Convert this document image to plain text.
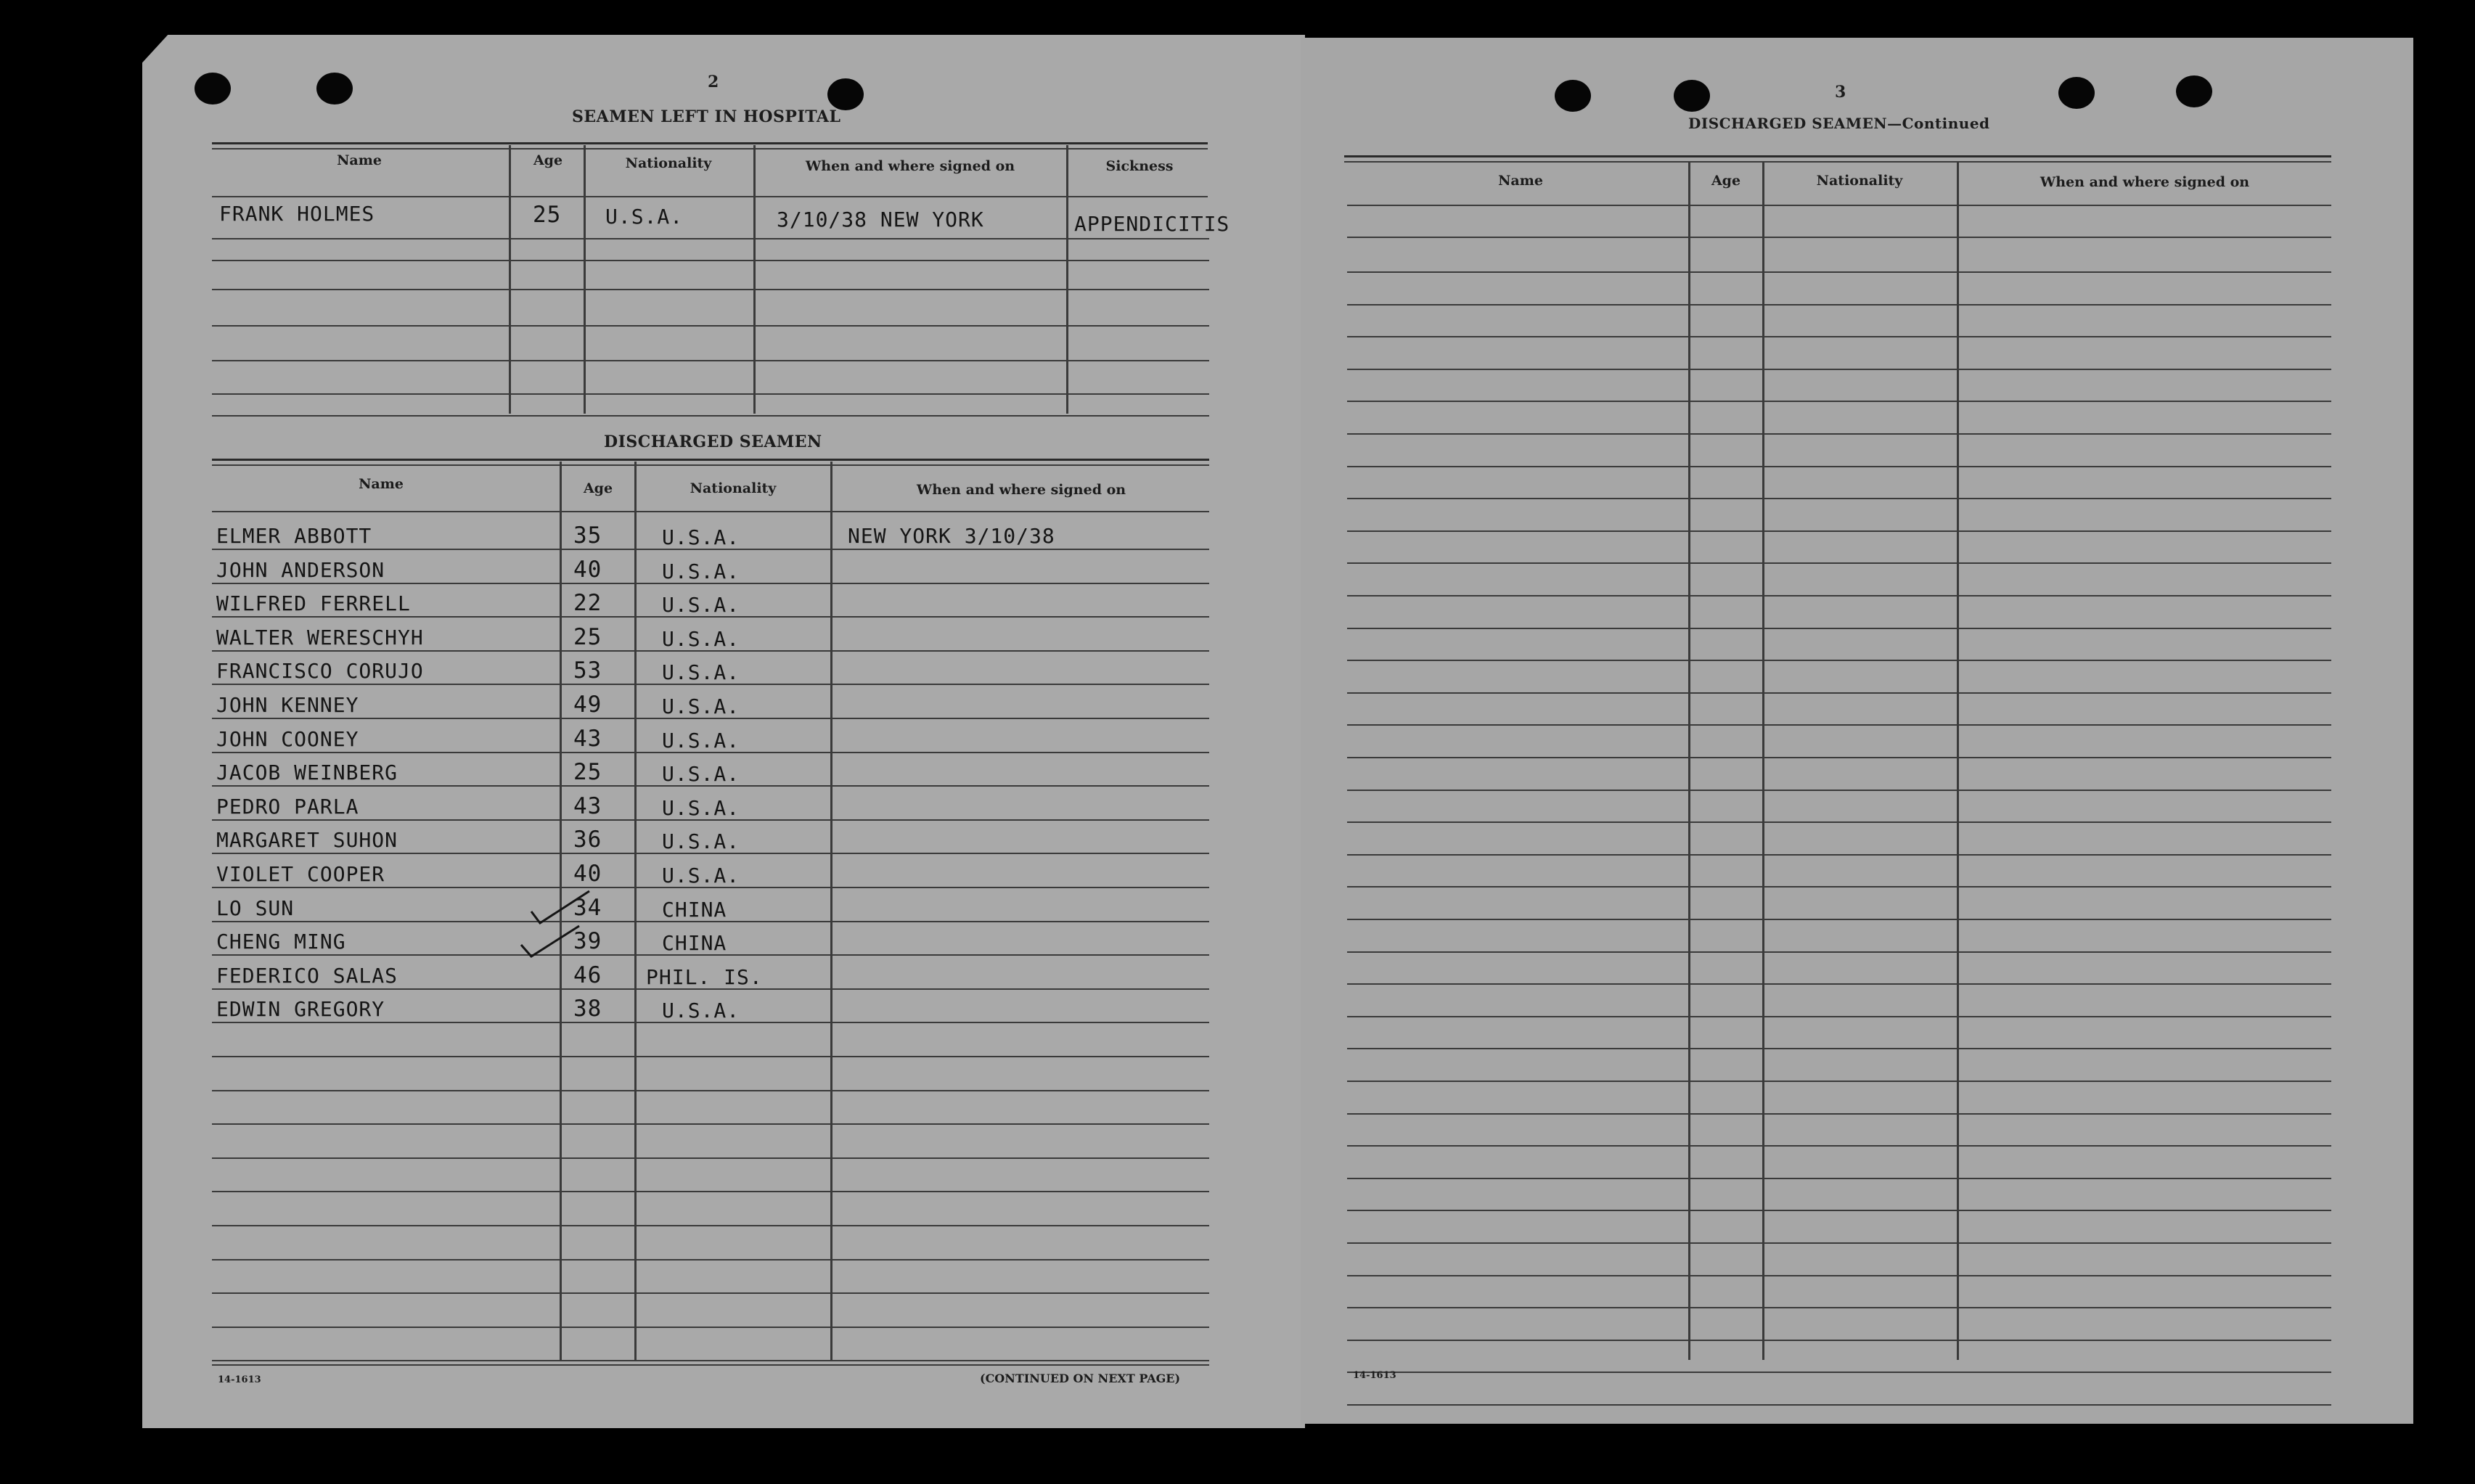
2
SEAMEN LEFT IN HOSPITAL
Name	Age	Nationality	When and where signed on	Sickness
FRANK HOLMES	25 U.S.A.	3/10/38 NEW YORK	APPENDICITIS
DISCHARGED SEAMEN
Name	Age	Nationality	When and where signed on
ELMER ABBOTT	35	U.S.A.	NEW YORK 3/10/38
JOHN ANDERSON	40	U.S.A.
WILFRED FERRELL	22	U.S.A.
WALTER WERESCHYH	25	U.S.A.
FRANCISCO CORUJO	53	U.S.A.
JOHN KENNEY	49	U.S.A.
JOHN COONEY	43	U.S.A.
JACOB WEINBERG	25	U.S.A.
PEDRO PARLA	43	U.S.A.
MARGARET SUHON	36	U.S.A.
VIOLET COOPER	40	U.S.A.
LO SUN	34	CHINA
CHENG MING	39	CHINA
FEDERICO SALAS	46 PHIL. IS.
EDWIN GREGORY	38	U.S.A.
14-1613	(CONTINUED ON NEXT PAGE)
3
DISCHARGED SEAMEN—Continued
Name	Age	Nationality	When and where signed on
14-1613
